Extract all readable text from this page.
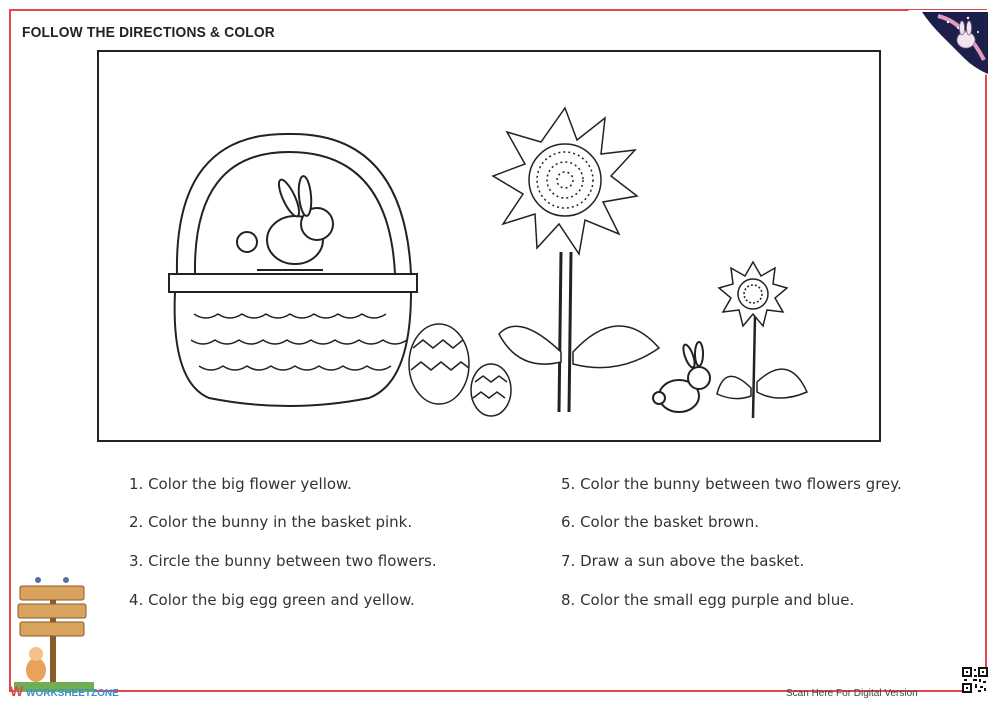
FOLLOW THE DIRECTIONS & COLOR
1. Color the big flower yellow.
2. Color the bunny in the basket pink.
3. Circle the bunny between two flowers.
4. Color the big egg green and yellow.
5. Color the bunny between two flowers grey.
6. Color the basket brown.
7. Draw a sun above the basket.
8. Color the small egg purple and blue.
W WORKSHEETZONE	Scan Here For Digital Version
